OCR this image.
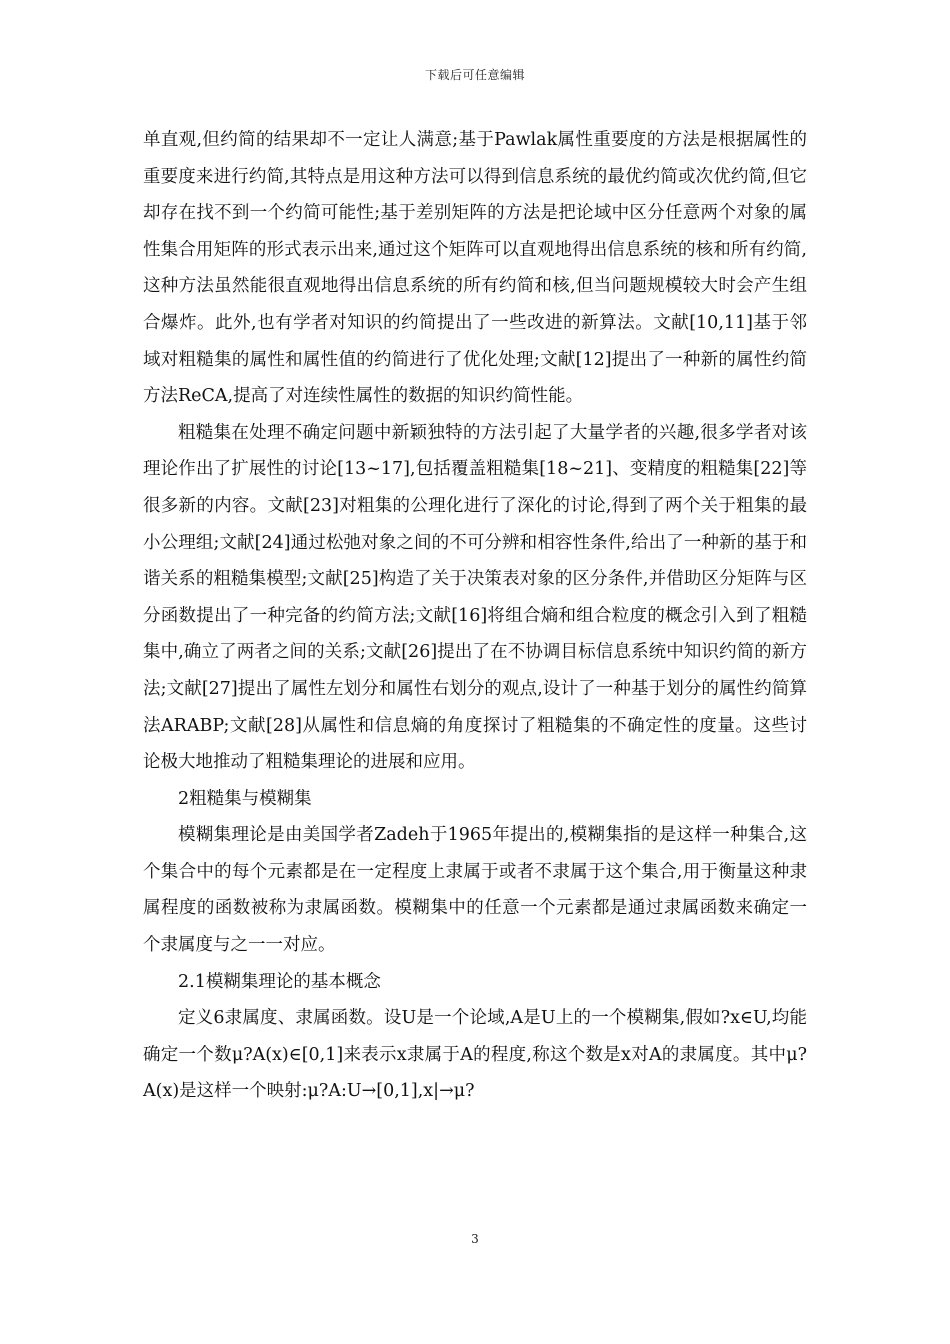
下载后可任意编辑

单直观,但约简的结果却不一定让人满意;基于Pawlak属性重要度的方法是根据属性的重要度来进行约简,其特点是用这种方法可以得到信息系统的最优约简或次优约简,但它却存在找不到一个约简可能性;基于差别矩阵的方法是把论域中区分任意两个对象的属性集合用矩阵的形式表示出来,通过这个矩阵可以直观地得出信息系统的核和所有约简,这种方法虽然能很直观地得出信息系统的所有约简和核,但当问题规模较大时会产生组合爆炸。此外,也有学者对知识的约简提出了一些改进的新算法。文献[10,11]基于邻域对粗糙集的属性和属性值的约简进行了优化处理;文献[12]提出了一种新的属性约简方法ReCA,提高了对连续性属性的数据的知识约简性能。

粗糙集在处理不确定问题中新颖独特的方法引起了大量学者的兴趣,很多学者对该理论作出了扩展性的讨论[13~17],包括覆盖粗糙集[18~21]、变精度的粗糙集[22]等很多新的内容。文献[23]对粗集的公理化进行了深化的讨论,得到了两个关于粗集的最小公理组;文献[24]通过松弛对象之间的不可分辨和相容性条件,给出了一种新的基于和谐关系的粗糙集模型;文献[25]构造了关于决策表对象的区分条件,并借助区分矩阵与区分函数提出了一种完备的约简方法;文献[16]将组合熵和组合粒度的概念引入到了粗糙集中,确立了两者之间的关系;文献[26]提出了在不协调目标信息系统中知识约简的新方法;文献[27]提出了属性左划分和属性右划分的观点,设计了一种基于划分的属性约简算法ARABP;文献[28]从属性和信息熵的角度探讨了粗糙集的不确定性的度量。这些讨论极大地推动了粗糙集理论的进展和应用。

2粗糙集与模糊集

模糊集理论是由美国学者Zadeh于1965年提出的,模糊集指的是这样一种集合,这个集合中的每个元素都是在一定程度上隶属于或者不隶属于这个集合,用于衡量这种隶属程度的函数被称为隶属函数。模糊集中的任意一个元素都是通过隶属函数来确定一个隶属度与之一一对应。

2.1模糊集理论的基本概念

定义6隶属度、隶属函数。设U是一个论域,A是U上的一个模糊集,假如?x∈U,均能确定一个数μ?A(x)∈[0,1]来表示x隶属于A的程度,称这个数是x对A的隶属度。其中μ?A(x)是这样一个映射:μ?A:U→[0,1],x|→μ?

3
